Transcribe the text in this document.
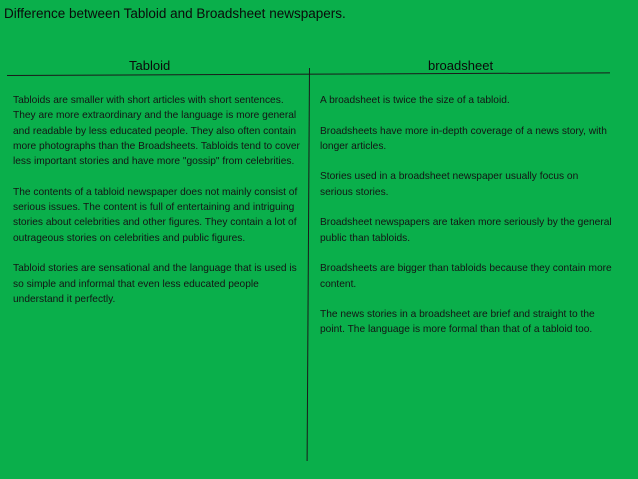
Difference between Tabloid and Broadsheet newspapers.
Tabloid	broadsheet

Tabloids are smaller with short articles with short sentences. They are more extraordinary and the language is more general and readable by less educated people. They also often contain more photographs than the Broadsheets. Tabloids tend to cover less important stories and have more "gossip" from celebrities.

The contents of a tabloid newspaper does not mainly consist of serious issues. The content is full of entertaining and intriguing stories about celebrities and other figures. They contain a lot of outrageous stories on celebrities and public figures.

Tabloid stories are sensational and the language that is used is so simple and informal that even less educated people understand it perfectly.

A broadsheet is twice the size of a tabloid.

Broadsheets have more in-depth coverage of a news story, with longer articles.

Stories used in a broadsheet newspaper usually focus on serious stories.

Broadsheet newspapers are taken more seriously by the general public than tabloids.

Broadsheets are bigger than tabloids because they contain more content.

The news stories in a broadsheet are brief and straight to the point. The language is more formal than that of a tabloid too.
